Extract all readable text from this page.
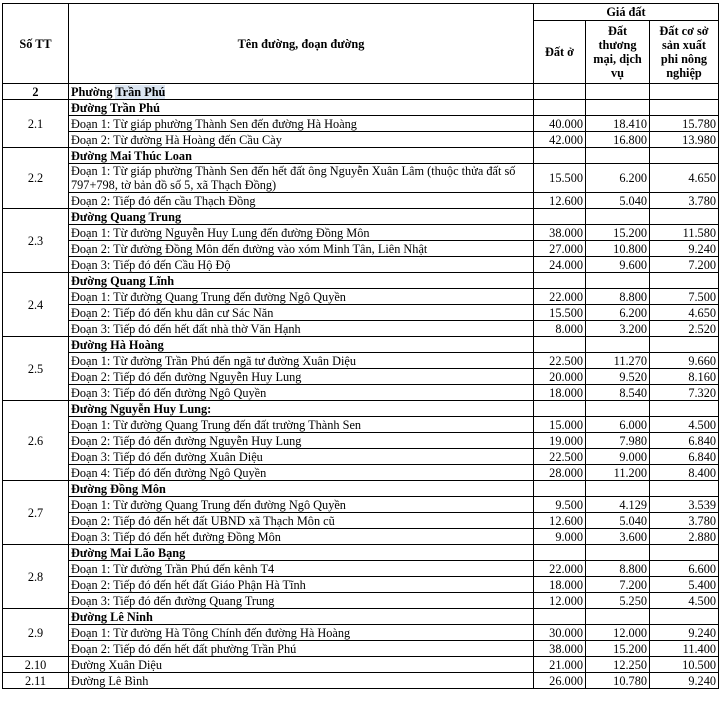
Số TT	Tên đường, đoạn đường	Giá đất		
		Đất ở	Đất thương mại, dịch vụ	Đất cơ sở sản xuất phi nông nghiệp
2	Phường Trần Phú			
2.1	Đường Trần Phú			
	Đoạn 1: Từ giáp phường Thành Sen đến đường Hà Hoàng	40.000	18.410	15.780
	Đoạn 2: Từ đường Hà Hoàng đến Cầu Cày	42.000	16.800	13.980
2.2	Đường Mai Thúc Loan			
	Đoạn 1: Từ giáp phường Thành Sen đến hết đất ông Nguyễn Xuân Lâm (thuộc thửa đất số 797+798, tờ bản đồ số 5, xã Thạch Đồng)	15.500	6.200	4.650
	Đoạn 2: Tiếp đó đến cầu Thạch Đồng	12.600	5.040	3.780
2.3	Đường Quang Trung			
	Đoạn 1: Từ đường Nguyễn Huy Lung đến đường Đồng Môn	38.000	15.200	11.580
	Đoạn 2: Từ đường Đồng Môn đến đường vào xóm Minh Tân, Liên Nhật	27.000	10.800	9.240
	Đoạn 3: Tiếp đó đến Cầu Hộ Độ	24.000	9.600	7.200
2.4	Đường Quang Lĩnh			
	Đoạn 1: Từ đường Quang Trung đến đường Ngô Quyền	22.000	8.800	7.500
	Đoạn 2: Tiếp đó đến khu dân cư Sác Năn	15.500	6.200	4.650
	Đoạn 3: Tiếp đó đến hết đất nhà thờ Văn Hạnh	8.000	3.200	2.520
2.5	Đường Hà Hoàng			
	Đoạn 1: Từ đường Trần Phú đến ngã tư đường Xuân Diệu	22.500	11.270	9.660
	Đoạn 2: Tiếp đó đến đường Nguyễn Huy Lung	20.000	9.520	8.160
	Đoạn 3: Tiếp đó đến đường Ngô Quyền	18.000	8.540	7.320
2.6	Đường Nguyễn Huy Lung:			
	Đoạn 1: Từ đường Quang Trung đến đất trường Thành Sen	15.000	6.000	4.500
	Đoạn 2: Tiếp đó đến đường Nguyễn Huy Lung	19.000	7.980	6.840
	Đoạn 3: Tiếp đó đến đường Xuân Diệu	22.500	9.000	6.840
	Đoạn 4: Tiếp đó đến đường Ngô Quyền	28.000	11.200	8.400
2.7	Đường Đồng Môn			
	Đoạn 1: Từ đường Quang Trung đến đường Ngô Quyền	9.500	4.129	3.539
	Đoạn 2: Tiếp đó đến hết đất UBND xã Thạch Môn cũ	12.600	5.040	3.780
	Đoạn 3: Tiếp đó đến hết đường Đồng Môn	9.000	3.600	2.880
2.8	Đường Mai Lão Bạng			
	Đoạn 1: Từ đường Trần Phú đến kênh T4	22.000	8.800	6.600
	Đoạn 2: Tiếp đó đến hết đất Giáo Phận Hà Tĩnh	18.000	7.200	5.400
	Đoạn 3: Tiếp đó đến đường Quang Trung	12.000	5.250	4.500
2.9	Đường Lê Ninh			
	Đoạn 1: Từ đường Hà Tông Chính đến đường Hà Hoàng	30.000	12.000	9.240
	Đoạn 2: Tiếp đó đến hết đất phường Trần Phú	38.000	15.200	11.400
2.10	Đường Xuân Diệu	21.000	12.250	10.500
2.11	Đường Lê Bình	26.000	10.780	9.240
